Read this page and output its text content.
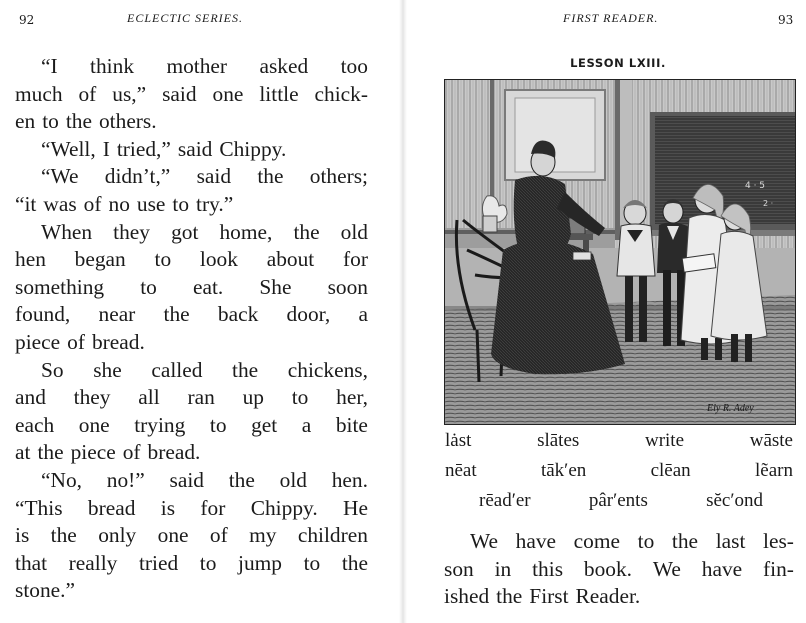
92	ECLECTIC SERIES.
“I think mother asked too
much of us,” said one little chick-
en to the others.
“Well, I tried,” said Chippy.
“We didn’t,” said the others;
“it was of no use to try.”
When they got home, the old
hen began to look about for
something to eat. She soon
found, near the back door, a
piece of bread.
So she called the chickens,
and they all ran up to her,
each one trying to get a bite
at the piece of bread.
“No, no!” said the old hen.
“This bread is for Chippy. He
is the only one of my children
that really tried to jump to the
stone.”
FIRST READER.	93
LESSON LXIII.
4 · 5
2 ·
Ely R. Adey
lȧst	slātes	write	wāste
nēat	tāk′en	clēan	lẽarn
rēad′er	pâr′ents	sĕc′ond
We have come to the last les-
son in this book. We have fin-
ished the First Reader.
